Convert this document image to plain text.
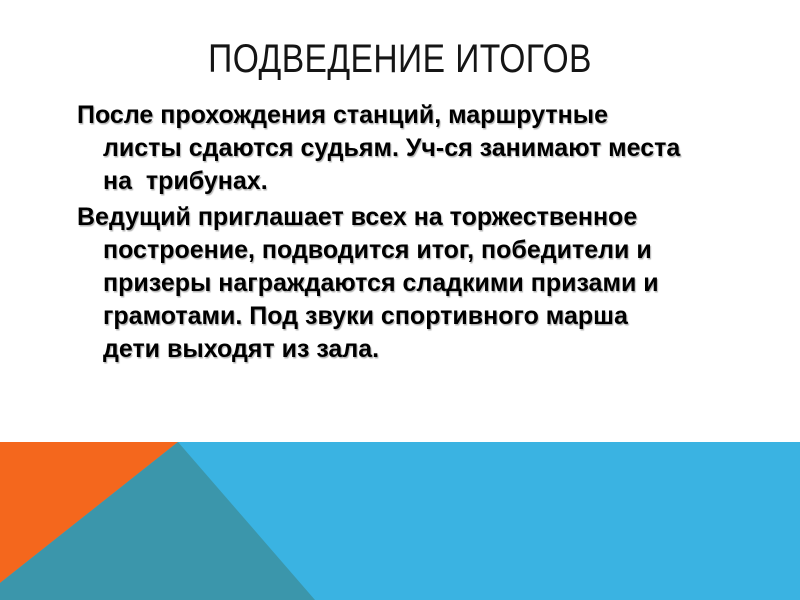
ПОДВЕДЕНИЕ ИТОГОВ
После прохождения станций, маршрутные
листы сдаются судьям. Уч-ся занимают места
на  трибунах.
Ведущий приглашает всех на торжественное
построение, подводится итог, победители и
призеры награждаются сладкими призами и
грамотами. Под звуки спортивного марша
дети выходят из зала.
